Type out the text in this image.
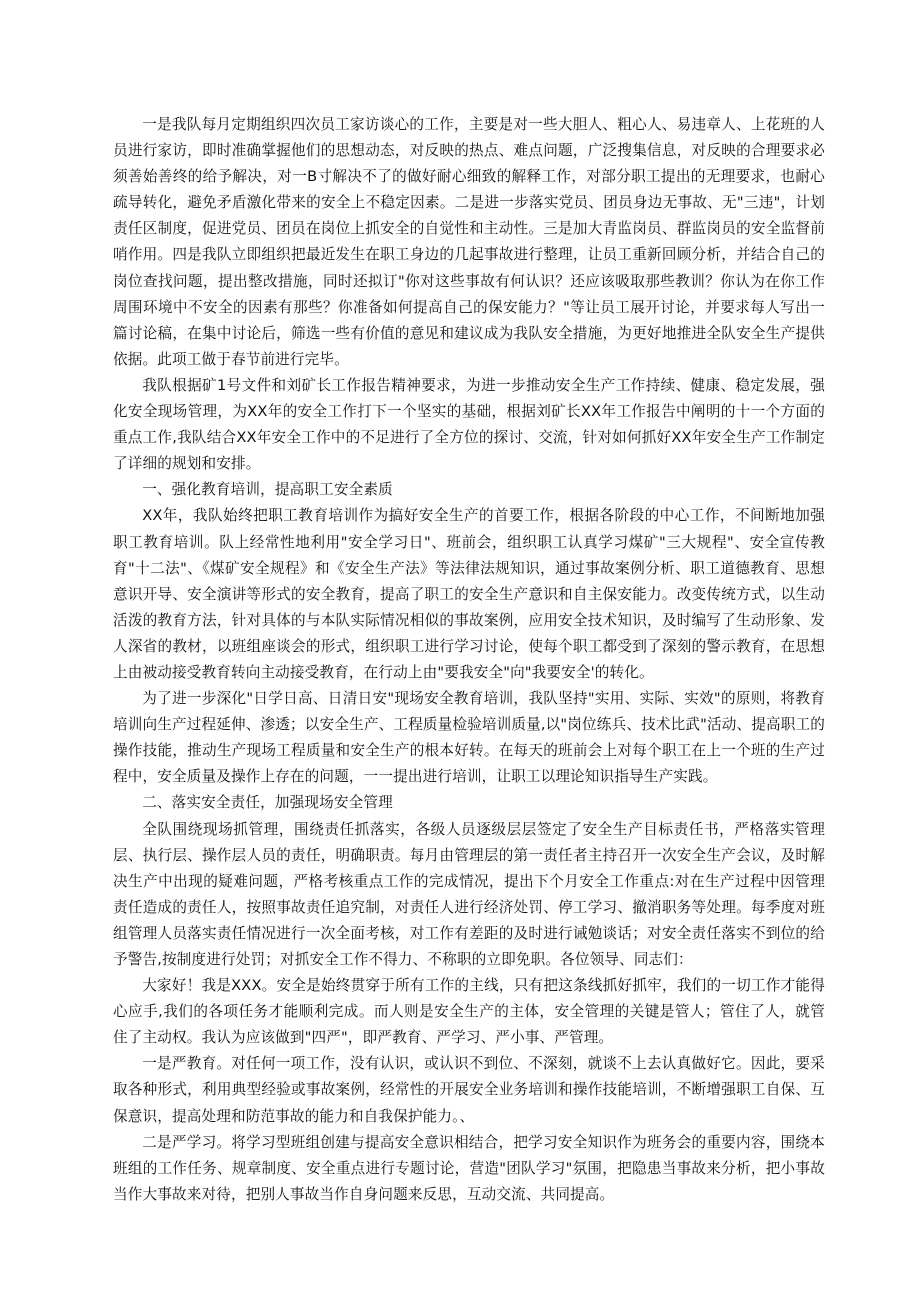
一是我队每月定期组织四次员工家访谈心的工作，主要是对一些大胆人、粗心人、易违章人、上花班的人员进行家访，即时准确掌握他们的思想动态，对反映的热点、难点问题，广泛搜集信息，对反映的合理要求必须善始善终的给予解决，对一B寸解决不了的做好耐心细致的解释工作，对部分职工提出的无理要求，也耐心疏导转化，避免矛盾激化带来的安全上不稳定因素。二是进一步落实党员、团员身边无事故、无"三违"，计划责任区制度，促进党员、团员在岗位上抓安全的自觉性和主动性。三是加大青监岗员、群监岗员的安全监督前哨作用。四是我队立即组织把最近发生在职工身边的几起事故进行整理，让员工重新回顾分析，并结合自己的岗位查找问题，提出整改措施，同时还拟订"你对这些事故有何认识？还应该吸取那些教训？你认为在你工作周围环境中不安全的因素有那些？你准备如何提高自己的保安能力？"等让员工展开讨论，并要求每人写出一篇讨论稿，在集中讨论后，筛选一些有价值的意见和建议成为我队安全措施，为更好地推进全队安全生产提供依据。此项工做于春节前进行完毕。

我队根据矿1号文件和刘矿长工作报告精神要求，为进一步推动安全生产工作持续、健康、稳定发展，强化安全现场管理，为XX年的安全工作打下一个坚实的基础，根据刘矿长XX年工作报告中阐明的十一个方面的重点工作,我队结合XX年安全工作中的不足进行了全方位的探讨、交流，针对如何抓好XX年安全生产工作制定了详细的规划和安排。

一、强化教育培训，提高职工安全素质

XX年，我队始终把职工教育培训作为搞好安全生产的首要工作，根据各阶段的中心工作，不间断地加强职工教育培训。队上经常性地利用"安全学习日"、班前会，组织职工认真学习煤矿"三大规程"、安全宣传教育"十二法"、《煤矿安全规程》和《安全生产法》等法律法规知识，通过事故案例分析、职工道德教育、思想意识开导、安全演讲等形式的安全教育，提高了职工的安全生产意识和自主保安能力。改变传统方式，以生动活泼的教育方法，针对具体的与本队实际情况相似的事故案例，应用安全技术知识，及时编写了生动形象、发人深省的教材，以班组座谈会的形式，组织职工进行学习讨论，使每个职工都受到了深刻的警示教育，在思想上由被动接受教育转向主动接受教育，在行动上由"要我安全"向"我要安全'的转化。

为了进一步深化"日学日高、日清日安"现场安全教育培训，我队坚持"实用、实际、实效"的原则，将教育培训向生产过程延伸、渗透；以安全生产、工程质量检验培训质量,以"岗位练兵、技术比武"活动、提高职工的操作技能，推动生产现场工程质量和安全生产的根本好转。在每天的班前会上对每个职工在上一个班的生产过程中，安全质量及操作上存在的问题，一一提出进行培训，让职工以理论知识指导生产实践。

二、落实安全责任，加强现场安全管理

全队围绕现场抓管理，围绕责任抓落实，各级人员逐级层层签定了安全生产目标责任书，严格落实管理层、执行层、操作层人员的责任，明确职责。每月由管理层的第一责任者主持召开一次安全生产会议，及时解决生产中出现的疑难问题，严格考核重点工作的完成情况，提出下个月安全工作重点:对在生产过程中因管理责任造成的责任人，按照事故责任追究制，对责任人进行经济处罚、停工学习、撤消职务等处理。每季度对班组管理人员落实责任情况进行一次全面考核，对工作有差距的及时进行诫勉谈话；对安全责任落实不到位的给予警告,按制度进行处罚；对抓安全工作不得力、不称职的立即免职。各位领导、同志们：

大家好！我是XXX。安全是始终贯穿于所有工作的主线，只有把这条线抓好抓牢，我们的一切工作才能得心应手,我们的各项任务才能顺利完成。而人则是安全生产的主体，安全管理的关键是管人；管住了人，就管住了主动权。我认为应该做到"四严"，即严教育、严学习、严小事、严管理。

一是严教育。对任何一项工作，没有认识，或认识不到位、不深刻，就谈不上去认真做好它。因此，要采取各种形式，利用典型经验或事故案例，经常性的开展安全业务培训和操作技能培训，不断增强职工自保、互保意识，提高处理和防范事故的能力和自我保护能力。、

二是严学习。将学习型班组创建与提高安全意识相结合，把学习安全知识作为班务会的重要内容，围绕本班组的工作任务、规章制度、安全重点进行专题讨论，营造"团队学习"氛围，把隐患当事故来分析，把小事故当作大事故来对待，把别人事故当作自身问题来反思，互动交流、共同提高。
